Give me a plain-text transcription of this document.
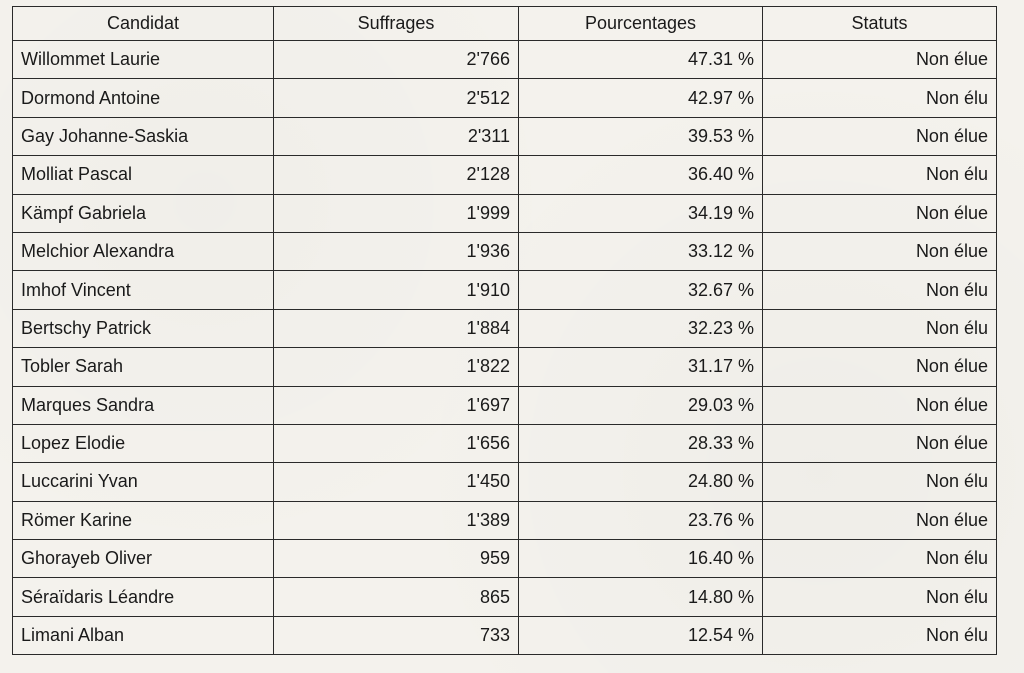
Candidat	Suffrages	Pourcentages	Statuts
Willommet Laurie	2'766	47.31 %	Non élue
Dormond Antoine	2'512	42.97 %	Non élu
Gay Johanne-Saskia	2'311	39.53 %	Non élue
Molliat Pascal	2'128	36.40 %	Non élu
Kämpf Gabriela	1'999	34.19 %	Non élue
Melchior Alexandra	1'936	33.12 %	Non élue
Imhof Vincent	1'910	32.67 %	Non élu
Bertschy Patrick	1'884	32.23 %	Non élu
Tobler Sarah	1'822	31.17 %	Non élue
Marques Sandra	1'697	29.03 %	Non élue
Lopez Elodie	1'656	28.33 %	Non élue
Luccarini Yvan	1'450	24.80 %	Non élu
Römer Karine	1'389	23.76 %	Non élue
Ghorayeb Oliver	959	16.40 %	Non élu
Séraïdaris Léandre	865	14.80 %	Non élu
Limani Alban	733	12.54 %	Non élu
